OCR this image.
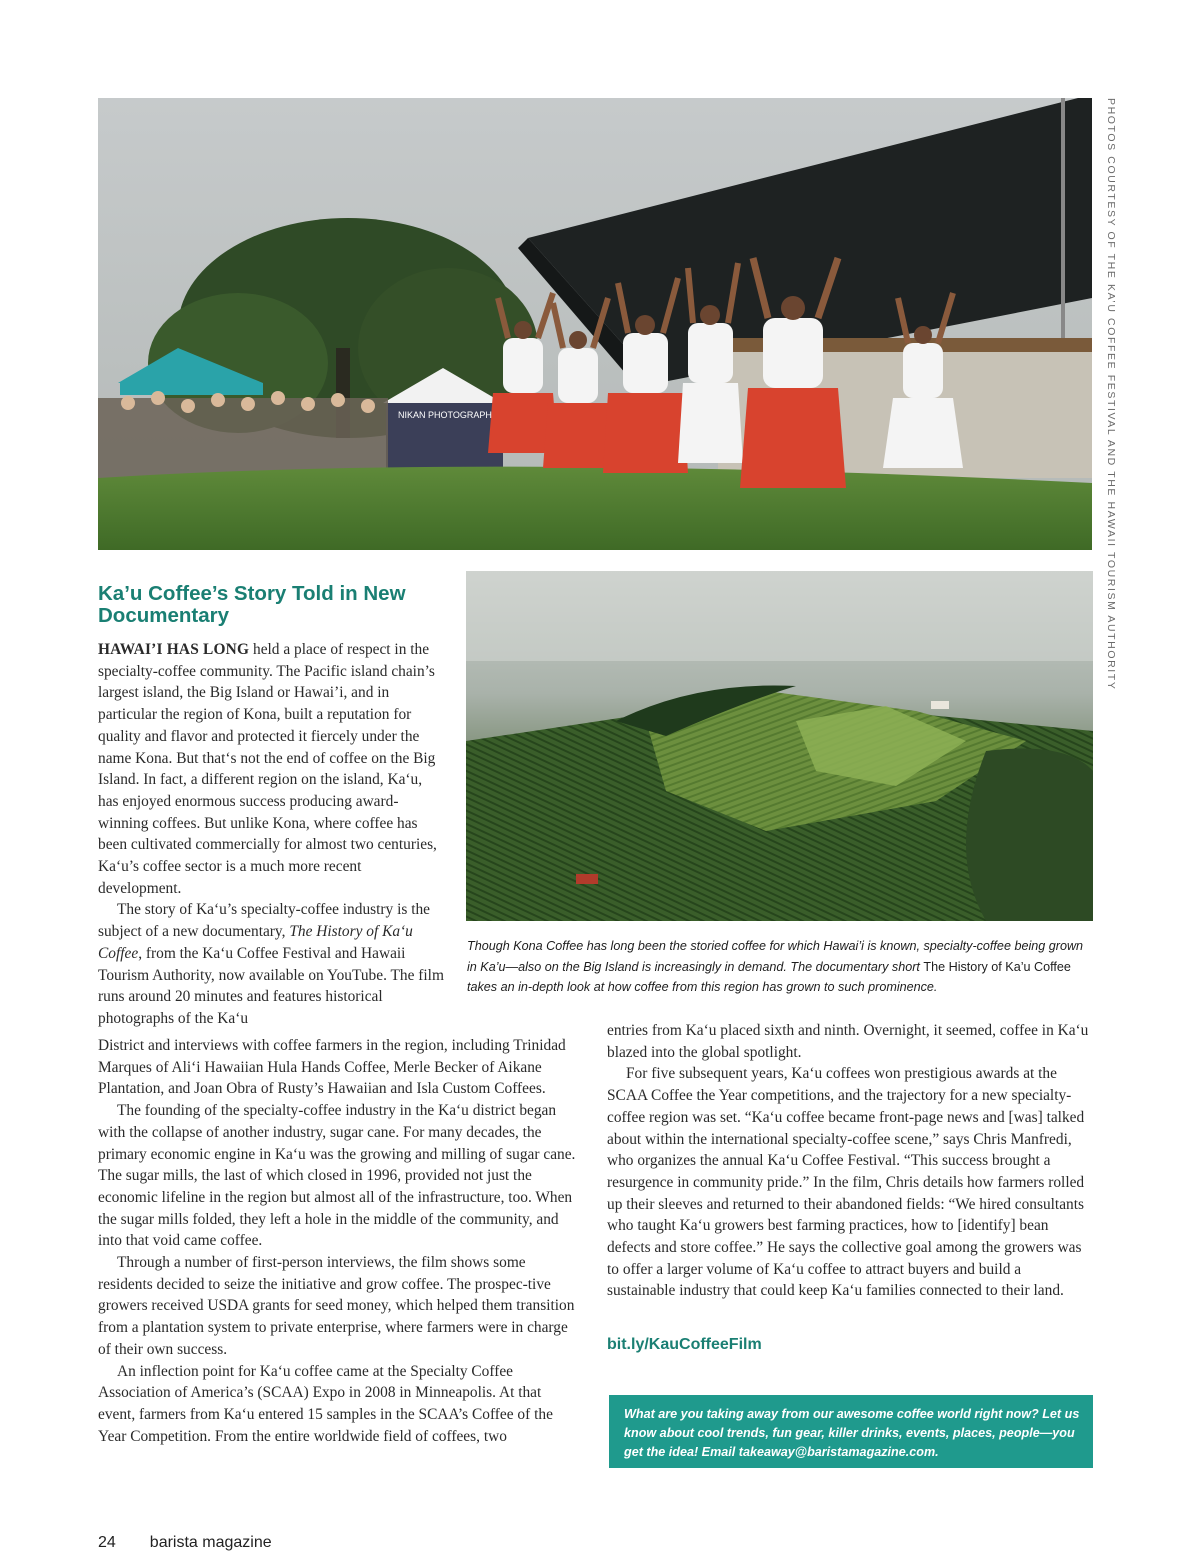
NIKAN PHOTOGRAPH	PHOTOS COURTESY OF THE KA’U COFFEE FESTIVAL AND THE HAWAII TOURISM AUTHORITY
Ka’u Coffee’s Story Told in New Documentary

Though Kona Coffee has long been the storied coffee for which Hawai’i is known, specialty-coffee being grown in Ka’u—also on the Big Island is increasingly in demand. The documentary short The History of Ka’u Coffee takes an in-depth look at how coffee from this region has grown to such prominence.

HAWAI’I HAS LONG held a place of respect in the specialty-coffee community. The Pacific island chain’s largest island, the Big Island or Hawai’i, and in particular the region of Kona, built a reputation for quality and flavor and protected it fiercely under the name Kona. But that‘s not the end of coffee on the Big Island. In fact, a different region on the island, Ka‘u, has enjoyed enormous success producing award-winning coffees. But unlike Kona, where coffee has been cultivated commercially for almost two centuries, Ka‘u’s coffee sector is a much more recent development.

The story of Ka‘u’s specialty-coffee industry is the subject of a new documentary, The History of Ka‘u Coffee, from the Ka‘u Coffee Festival and Hawaii Tourism Authority, now available on YouTube. The film runs around 20 minutes and features historical photographs of the Ka‘u

District and interviews with coffee farmers in the region, including Trinidad Marques of Ali‘i Hawaiian Hula Hands Coffee, Merle Becker of Aikane Plantation, and Joan Obra of Rusty’s Hawaiian and Isla Custom Coffees.

The founding of the specialty-coffee industry in the Ka‘u district began with the collapse of another industry, sugar cane. For many decades, the primary economic engine in Ka‘u was the growing and milling of sugar cane. The sugar mills, the last of which closed in 1996, provided not just the economic lifeline in the region but almost all of the infrastructure, too. When the sugar mills folded, they left a hole in the middle of the community, and into that void came coffee.

Through a number of first-person interviews, the film shows some residents decided to seize the initiative and grow coffee. The prospec-tive growers received USDA grants for seed money, which helped them transition from a plantation system to private enterprise, where farmers were in charge of their own success.

An inflection point for Ka‘u coffee came at the Specialty Coffee Association of America’s (SCAA) Expo in 2008 in Minneapolis. At that event, farmers from Ka‘u entered 15 samples in the SCAA’s Coffee of the Year Competition. From the entire worldwide field of coffees, two

entries from Ka‘u placed sixth and ninth. Overnight, it seemed, coffee in Ka‘u blazed into the global spotlight.

For five subsequent years, Ka‘u coffees won prestigious awards at the SCAA Coffee the Year competitions, and the trajectory for a new specialty-coffee region was set. “Ka‘u coffee became front-page news and [was] talked about within the international specialty-coffee scene,” says Chris Manfredi, who organizes the annual Ka‘u Coffee Festival. “This success brought a resurgence in community pride.” In the film, Chris details how farmers rolled up their sleeves and returned to their abandoned fields: “We hired consultants who taught Ka‘u growers best farming practices, how to [identify] bean defects and store coffee.” He says the collective goal among the growers was to offer a larger volume of Ka‘u coffee to attract buyers and build a sustainable industry that could keep Ka‘u families connected to their land.

bit.ly/KauCoffeeFilm

What are you taking away from our awesome coffee world right now? Let us know about cool trends, fun gear, killer drinks, events, places, people—you get the idea! Email takeaway@baristamagazine.com.

24 barista magazine
